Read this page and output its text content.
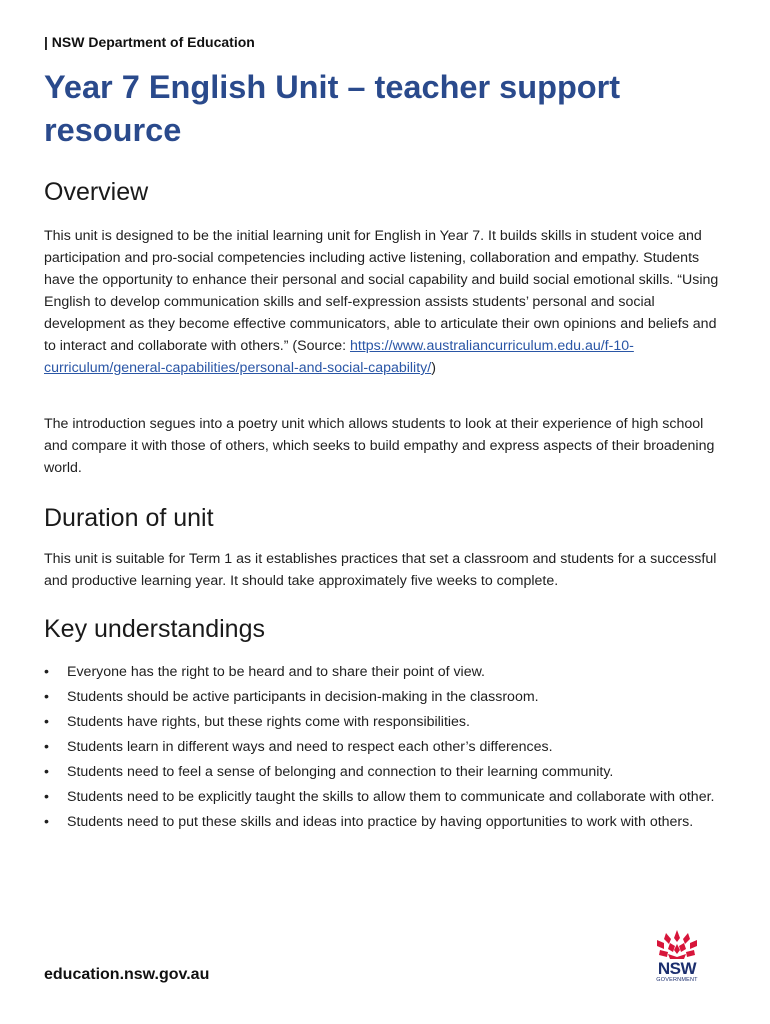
| NSW Department of Education
Year 7 English Unit – teacher support resource
Overview

This unit is designed to be the initial learning unit for English in Year 7. It builds skills in student voice and participation and pro-social competencies including active listening, collaboration and empathy. Students have the opportunity to enhance their personal and social capability and build social emotional skills. “Using English to develop communication skills and self-expression assists students’ personal and social development as they become effective communicators, able to articulate their own opinions and beliefs and to interact and collaborate with others.” (Source: https://www.australiancurriculum.edu.au/f-10-curriculum/general-capabilities/personal-and-social-capability/)

The introduction segues into a poetry unit which allows students to look at their experience of high school and compare it with those of others, which seeks to build empathy and express aspects of their broadening world.

Duration of unit

This unit is suitable for Term 1 as it establishes practices that set a classroom and students for a successful and productive learning year. It should take approximately five weeks to complete.

Key understandings
• Everyone has the right to be heard and to share their point of view.
• Students should be active participants in decision-making in the classroom.
• Students have rights, but these rights come with responsibilities.
• Students learn in different ways and need to respect each other’s differences.
• Students need to feel a sense of belonging and connection to their learning community.
• Students need to be explicitly taught the skills to allow them to communicate and collaborate with other.
• Students need to put these skills and ideas into practice by having opportunities to work with others.
education.nsw.gov.au	NSW
GOVERNMENT
